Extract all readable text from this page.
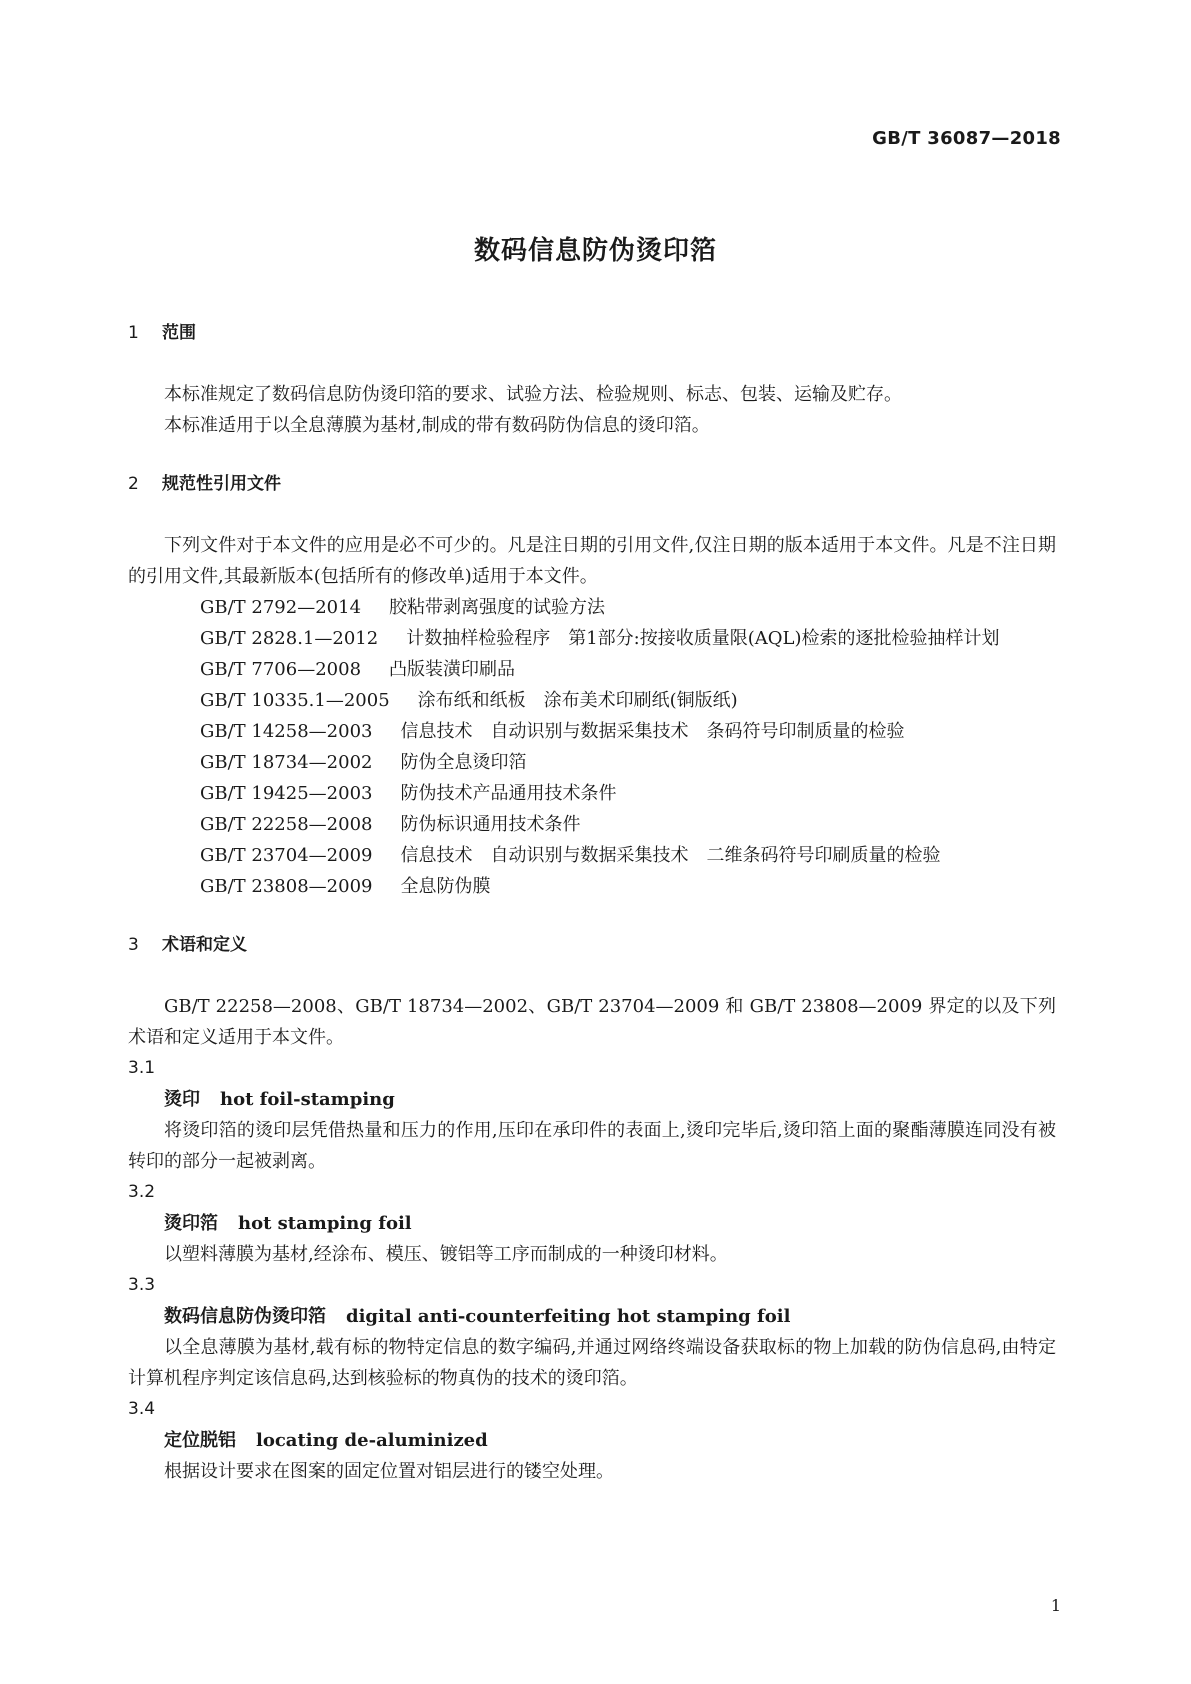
GB/T 36087—2018
数码信息防伪烫印箔
1 范围

本标准规定了数码信息防伪烫印箔的要求、试验方法、检验规则、标志、包装、运输及贮存。

本标准适用于以全息薄膜为基材,制成的带有数码防伪信息的烫印箔。

2 规范性引用文件

下列文件对于本文件的应用是必不可少的。凡是注日期的引用文件,仅注日期的版本适用于本文件。凡是不注日期的引用文件,其最新版本(包括所有的修改单)适用于本文件。

GB/T 2792—2014 胶粘带剥离强度的试验方法

GB/T 2828.1—2012 计数抽样检验程序　第1部分:按接收质量限(AQL)检索的逐批检验抽样计划

GB/T 7706—2008 凸版装潢印刷品

GB/T 10335.1—2005 涂布纸和纸板　涂布美术印刷纸(铜版纸)

GB/T 14258—2003 信息技术　自动识别与数据采集技术　条码符号印制质量的检验

GB/T 18734—2002 防伪全息烫印箔

GB/T 19425—2003 防伪技术产品通用技术条件

GB/T 22258—2008 防伪标识通用技术条件

GB/T 23704—2009 信息技术　自动识别与数据采集技术　二维条码符号印刷质量的检验

GB/T 23808—2009 全息防伪膜

3 术语和定义

GB/T 22258—2008、GB/T 18734—2002、GB/T 23704—2009 和 GB/T 23808—2009 界定的以及下列术语和定义适用于本文件。

3.1

烫印 hot foil-stamping

将烫印箔的烫印层凭借热量和压力的作用,压印在承印件的表面上,烫印完毕后,烫印箔上面的聚酯薄膜连同没有被转印的部分一起被剥离。

3.2

烫印箔 hot stamping foil

以塑料薄膜为基材,经涂布、模压、镀铝等工序而制成的一种烫印材料。

3.3

数码信息防伪烫印箔 digital anti-counterfeiting hot stamping foil

以全息薄膜为基材,载有标的物特定信息的数字编码,并通过网络终端设备获取标的物上加载的防伪信息码,由特定计算机程序判定该信息码,达到核验标的物真伪的技术的烫印箔。

3.4

定位脱铝 locating de-aluminized

根据设计要求在图案的固定位置对铝层进行的镂空处理。

1
